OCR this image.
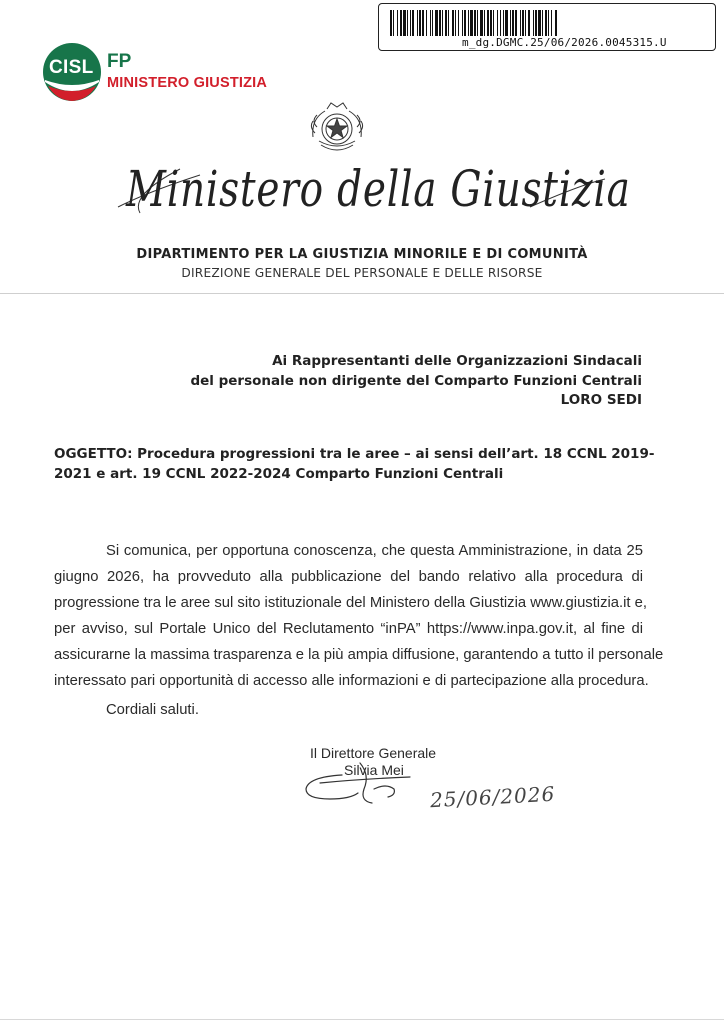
m_dg.DGMC.25/06/2026.0045315.U
CISL FP
MINISTERO GIUSTIZIA
Ministero della Giustizia
DIPARTIMENTO PER LA GIUSTIZIA MINORILE E DI COMUNITÀ
DIREZIONE GENERALE DEL PERSONALE E DELLE RISORSE
Ai Rappresentanti delle Organizzazioni Sindacali
del personale non dirigente del Comparto Funzioni Centrali
LORO SEDI
OGGETTO: Procedura progressioni tra le aree – ai sensi dell’art. 18 CCNL 2019-
2021 e art. 19 CCNL 2022-2024 Comparto Funzioni Centrali
Si comunica, per opportuna conoscenza, che questa Amministrazione, in data 25
giugno 2026, ha provveduto alla pubblicazione del bando relativo alla procedura di
progressione tra le aree sul sito istituzionale del Ministero della Giustizia www.giustizia.it e,
per avviso, sul Portale Unico del Reclutamento “inPA” https://www.inpa.gov.it, al fine di
assicurarne la massima trasparenza e la più ampia diffusione, garantendo a tutto il personale
interessato pari opportunità di accesso alle informazioni e di partecipazione alla procedura.
Cordiali saluti.
Il Direttore Generale
Silvia Mei
25/06/2026
